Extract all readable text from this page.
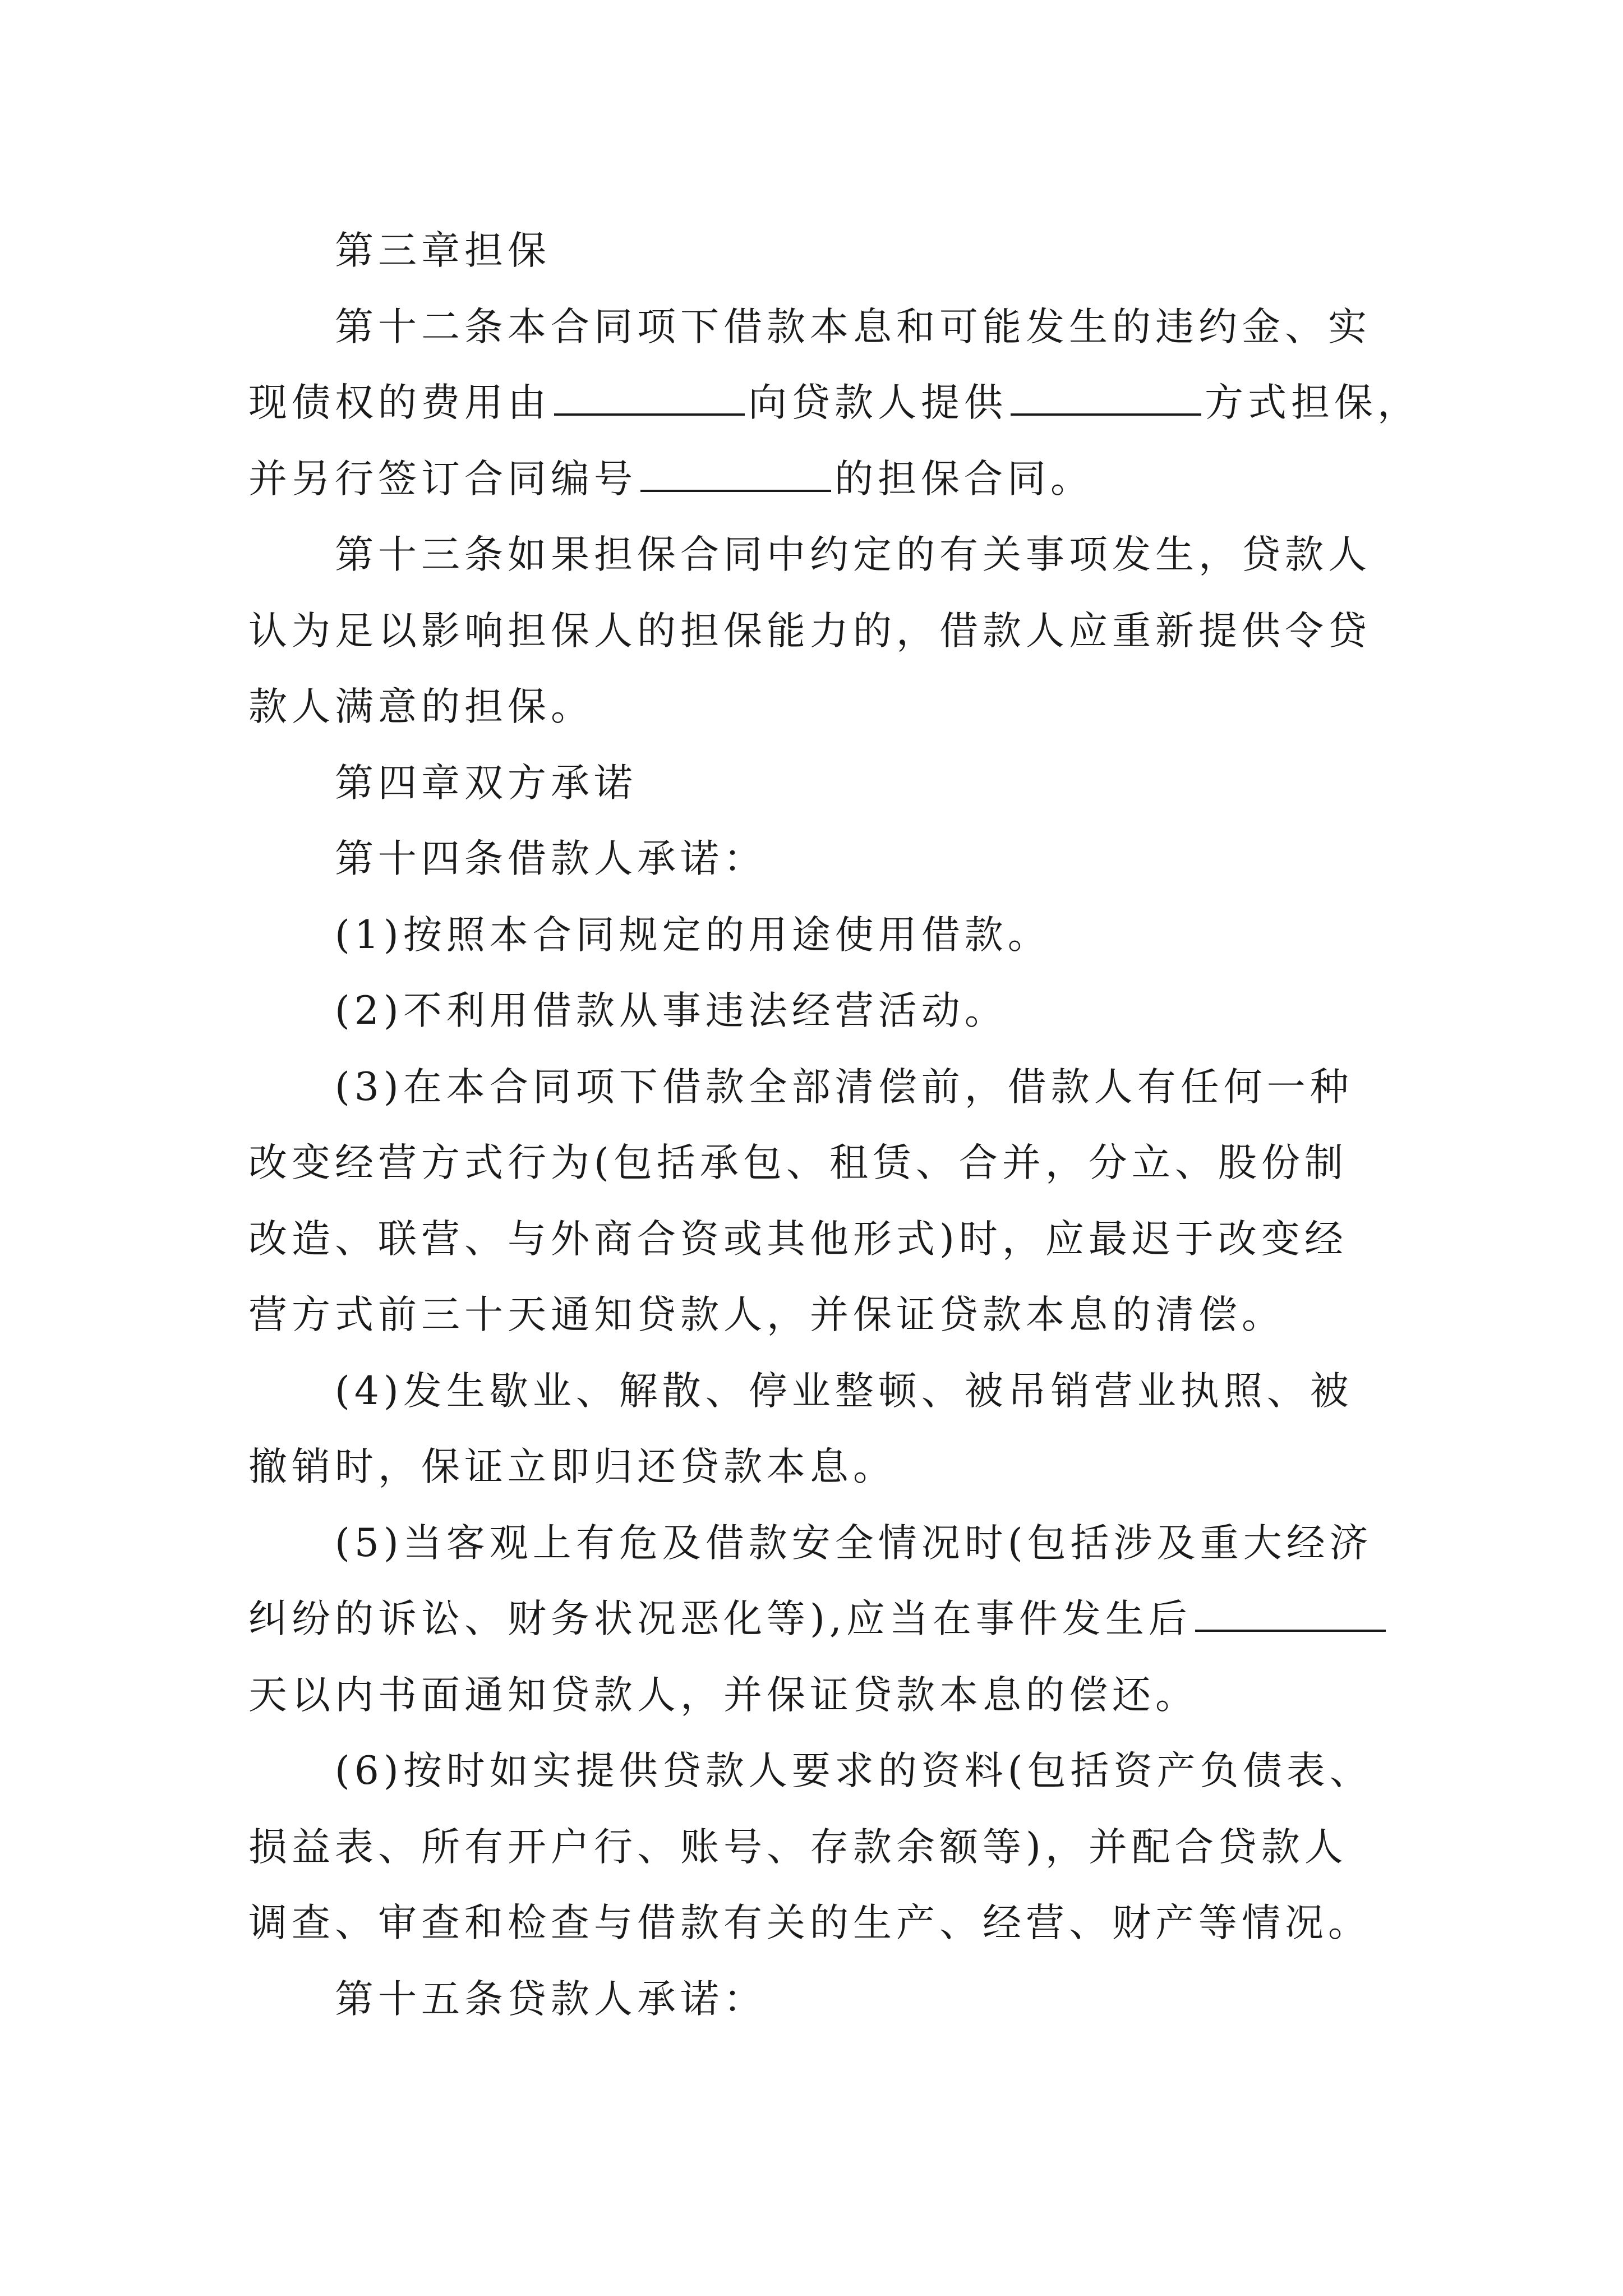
第三章担保

第十二条本合同项下借款本息和可能发生的违约金、实

现债权的费用由	向贷款人提供	方式担保，

并另行签订合同编号	的担保合同。

第十三条如果担保合同中约定的有关事项发生，贷款人

认为足以影响担保人的担保能力的，借款人应重新提供令贷

款人满意的担保。

第四章双方承诺

第十四条借款人承诺：

(1)按照本合同规定的用途使用借款。

(2)不利用借款从事违法经营活动。

(3)在本合同项下借款全部清偿前，借款人有任何一种

改变经营方式行为(包括承包、租赁、合并，分立、股份制

改造、联营、与外商合资或其他形式)时，应最迟于改变经

营方式前三十天通知贷款人，并保证贷款本息的清偿。

(4)发生歇业、解散、停业整顿、被吊销营业执照、被

撤销时，保证立即归还贷款本息。

(5)当客观上有危及借款安全情况时(包括涉及重大经济

纠纷的诉讼、财务状况恶化等),应当在事件发生后

天以内书面通知贷款人，并保证贷款本息的偿还。

(6)按时如实提供贷款人要求的资料(包括资产负债表、

损益表、所有开户行、账号、存款余额等)，并配合贷款人

调查、审查和检查与借款有关的生产、经营、财产等情况。

第十五条贷款人承诺：
